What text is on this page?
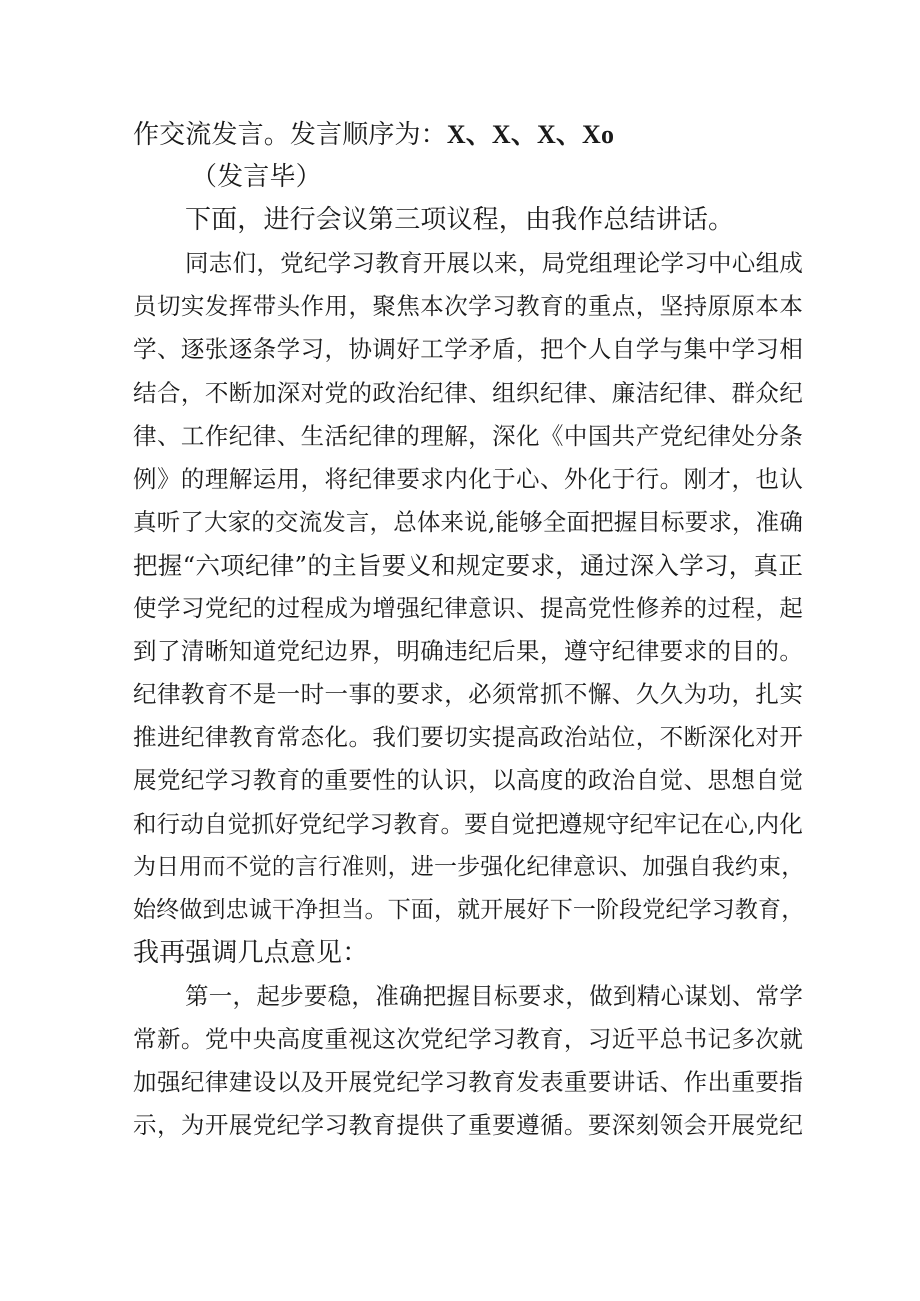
作交流发言。发言顺序为：X、X、X、Xo
（发言毕）
下面，进行会议第三项议程，由我作总结讲话。
同志们，党纪学习教育开展以来，局党组理论学习中心组成
员切实发挥带头作用，聚焦本次学习教育的重点，坚持原原本本
学、逐张逐条学习，协调好工学矛盾，把个人自学与集中学习相
结合，不断加深对党的政治纪律、组织纪律、廉洁纪律、群众纪
律、工作纪律、生活纪律的理解，深化《中国共产党纪律处分条
例》的理解运用，将纪律要求内化于心、外化于行。刚才，也认
真听了大家的交流发言，总体来说,能够全面把握目标要求，准确
把握“六项纪律”的主旨要义和规定要求，通过深入学习，真正
使学习党纪的过程成为增强纪律意识、提高党性修养的过程，起
到了清晰知道党纪边界，明确违纪后果，遵守纪律要求的目的。
纪律教育不是一时一事的要求，必须常抓不懈、久久为功，扎实
推进纪律教育常态化。我们要切实提高政治站位，不断深化对开
展党纪学习教育的重要性的认识，以高度的政治自觉、思想自觉
和行动自觉抓好党纪学习教育。要自觉把遵规守纪牢记在心,内化
为日用而不觉的言行准则，进一步强化纪律意识、加强自我约束，
始终做到忠诚干净担当。下面，就开展好下一阶段党纪学习教育，
我再强调几点意见：
第一，起步要稳，准确把握目标要求，做到精心谋划、常学
常新。党中央高度重视这次党纪学习教育，习近平总书记多次就
加强纪律建设以及开展党纪学习教育发表重要讲话、作出重要指
示，为开展党纪学习教育提供了重要遵循。要深刻领会开展党纪
